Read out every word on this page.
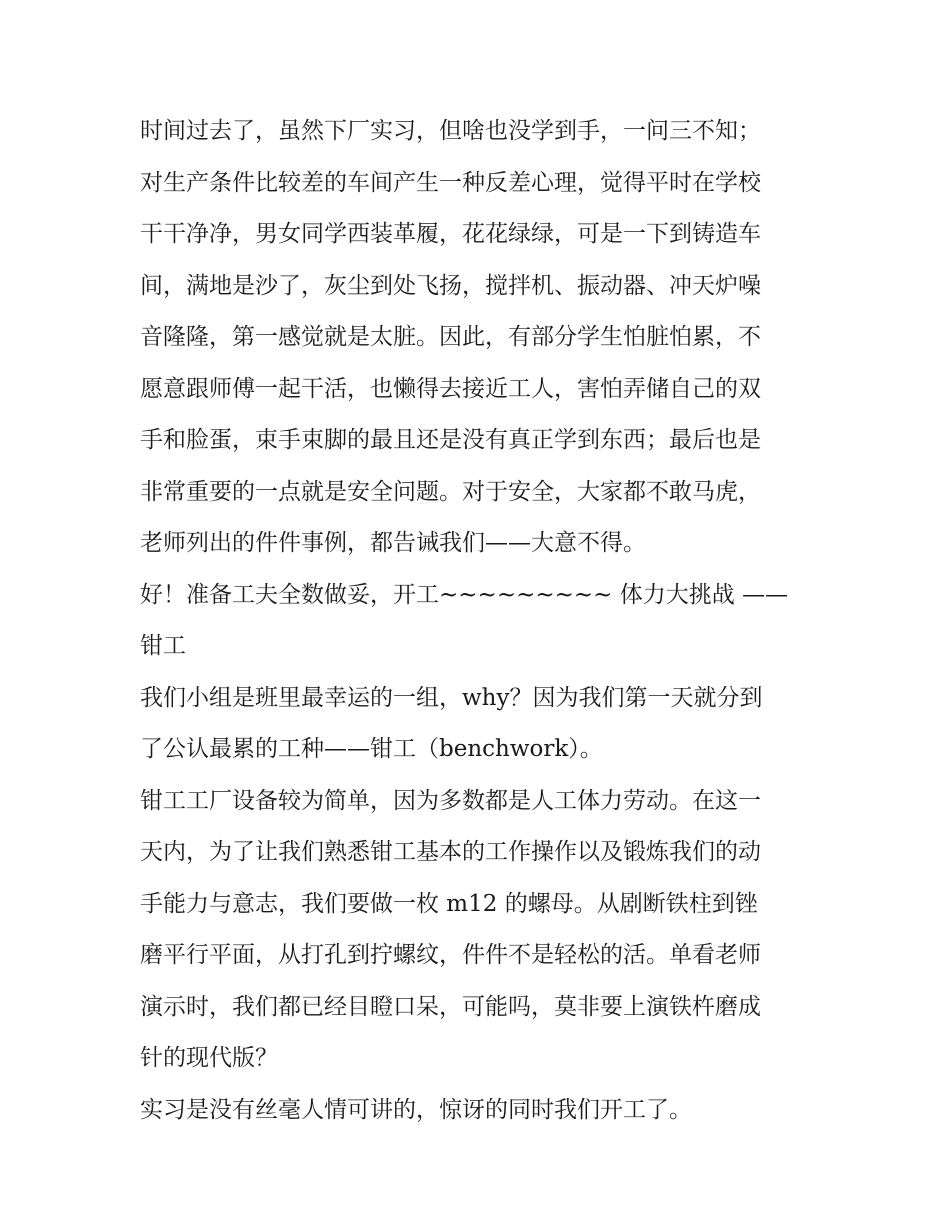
时间过去了，虽然下厂实习，但啥也没学到手，一问三不知；
对生产条件比较差的车间产生一种反差心理，觉得平时在学校
干干净净，男女同学西装革履，花花绿绿，可是一下到铸造车
间，满地是沙了，灰尘到处飞扬，搅拌机、振动器、冲天炉噪
音隆隆，第一感觉就是太脏。因此，有部分学生怕脏怕累，不
愿意跟师傅一起干活，也懒得去接近工人，害怕弄储自己的双
手和脸蛋，束手束脚的最且还是没有真正学到东西；最后也是
非常重要的一点就是安全问题。对于安全，大家都不敢马虎，
老师列出的件件事例，都告诫我们——大意不得。
好！准备工夫全数做妥，开工~~~~~~~~~ 体力大挑战 ——
钳工
我们小组是班里最幸运的一组，why？因为我们第一天就分到
了公认最累的工种——钳工（benchwork）。
钳工工厂设备较为简单，因为多数都是人工体力劳动。在这一
天内，为了让我们熟悉钳工基本的工作操作以及锻炼我们的动
手能力与意志，我们要做一枚 m12 的螺母。从剧断铁柱到锉
磨平行平面，从打孔到拧螺纹，件件不是轻松的活。单看老师
演示时，我们都已经目瞪口呆，可能吗，莫非要上演铁杵磨成
针的现代版？
实习是没有丝毫人情可讲的，惊讶的同时我们开工了。
